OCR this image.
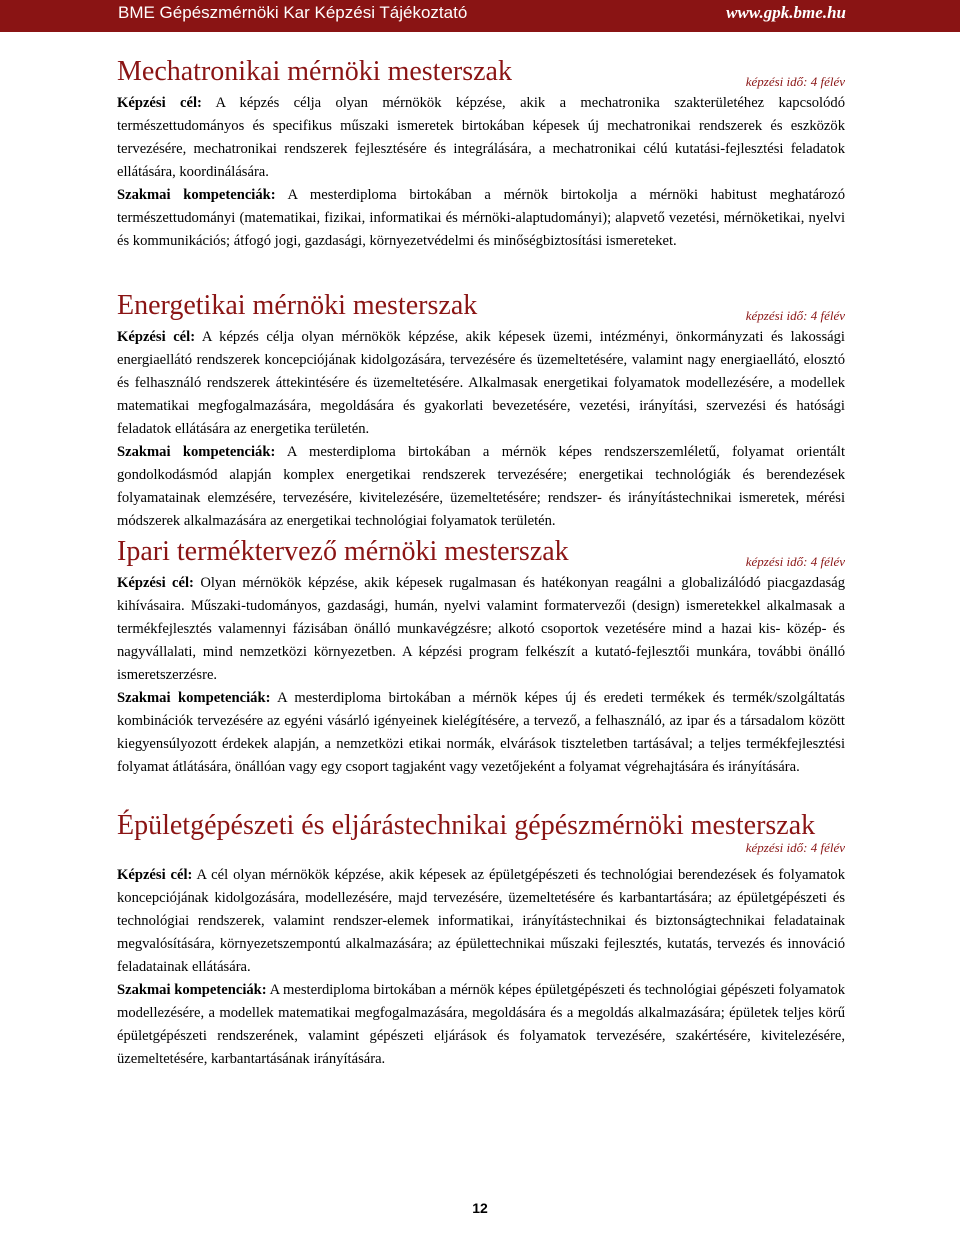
BME Gépészmérnöki Kar Képzési Tájékoztató	www.gpk.bme.hu
Mechatronikai mérnöki mesterszak	képzési idő: 4 félév

Képzési cél: A képzés célja olyan mérnökök képzése, akik a mechatronika szakterületéhez kapcsolódó természettudományos és specifikus műszaki ismeretek birtokában képesek új mechatronikai rendszerek és eszközök tervezésére, mechatronikai rendszerek fejlesztésére és integrálására, a mechatronikai célú kutatási-fejlesztési feladatok ellátására, koordinálására.

Szakmai kompetenciák: A mesterdiploma birtokában a mérnök birtokolja a mérnöki habitust meghatározó természettudományi (matematikai, fizikai, informatikai és mérnöki-alaptudományi); alapvető vezetési, mérnöketikai, nyelvi és kommunikációs; átfogó jogi, gazdasági, környezetvédelmi és minőségbiztosítási ismereteket.

Energetikai mérnöki mesterszak	képzési idő: 4 félév

Képzési cél: A képzés célja olyan mérnökök képzése, akik képesek üzemi, intézményi, önkormányzati és lakossági energiaellátó rendszerek koncepciójának kidolgozására, tervezésére és üzemeltetésére, valamint nagy energiaellátó, elosztó és felhasználó rendszerek áttekintésére és üzemeltetésére. Alkalmasak energetikai folyamatok modellezésére, a modellek matematikai megfogalmazására, megoldására és gyakorlati bevezetésére, vezetési, irányítási, szervezési és hatósági feladatok ellátására az energetika területén.

Szakmai kompetenciák: A mesterdiploma birtokában a mérnök képes rendszerszemléletű, folyamat orientált gondolkodásmód alapján komplex energetikai rendszerek tervezésére; energetikai technológiák és berendezések folyamatainak elemzésére, tervezésére, kivitelezésére, üzemeltetésére; rendszer- és irányítástechnikai ismeretek, mérési módszerek alkalmazására az energetikai technológiai folyamatok területén.

Ipari terméktervező mérnöki mesterszak	képzési idő: 4 félév

Képzési cél: Olyan mérnökök képzése, akik képesek rugalmasan és hatékonyan reagálni a globalizálódó piacgazdaság kihívásaira. Műszaki-tudományos, gazdasági, humán, nyelvi valamint formatervezői (design) ismeretekkel alkalmasak a termékfejlesztés valamennyi fázisában önálló munkavégzésre; alkotó csoportok vezetésére mind a hazai kis- közép- és nagyvállalati, mind nemzetközi környezetben. A képzési program felkészít a kutató-fejlesztői munkára, további önálló ismeretszerzésre.

Szakmai kompetenciák: A mesterdiploma birtokában a mérnök képes új és eredeti termékek és termék/szolgáltatás kombinációk tervezésére az egyéni vásárló igényeinek kielégítésére, a tervező, a felhasználó, az ipar és a társadalom között kiegyensúlyozott érdekek alapján, a nemzetközi etikai normák, elvárások tiszteletben tartásával; a teljes termékfejlesztési folyamat átlátására, önállóan vagy egy csoport tagjaként vagy vezetőjeként a folyamat végrehajtására és irányítására.

Épületgépészeti és eljárástechnikai gépészmérnöki mesterszak
képzési idő: 4 félév

Képzési cél: A cél olyan mérnökök képzése, akik képesek az épületgépészeti és technológiai berendezések és folyamatok koncepciójának kidolgozására, modellezésére, majd tervezésére, üzemeltetésére és karbantartására; az épületgépészeti és technológiai rendszerek, valamint rendszer-elemek informatikai, irányítástechnikai és biztonságtechnikai feladatainak megvalósítására, környezetszempontú alkalmazására; az épülettechnikai műszaki fejlesztés, kutatás, tervezés és innováció feladatainak ellátására.

Szakmai kompetenciák: A mesterdiploma birtokában a mérnök képes épületgépészeti és technológiai gépészeti folyamatok modellezésére, a modellek matematikai megfogalmazására, megoldására és a megoldás alkalmazására; épületek teljes körű épületgépészeti rendszerének, valamint gépészeti eljárások és folyamatok tervezésére, szakértésére, kivitelezésére, üzemeltetésére, karbantartásának irányítására.

12
